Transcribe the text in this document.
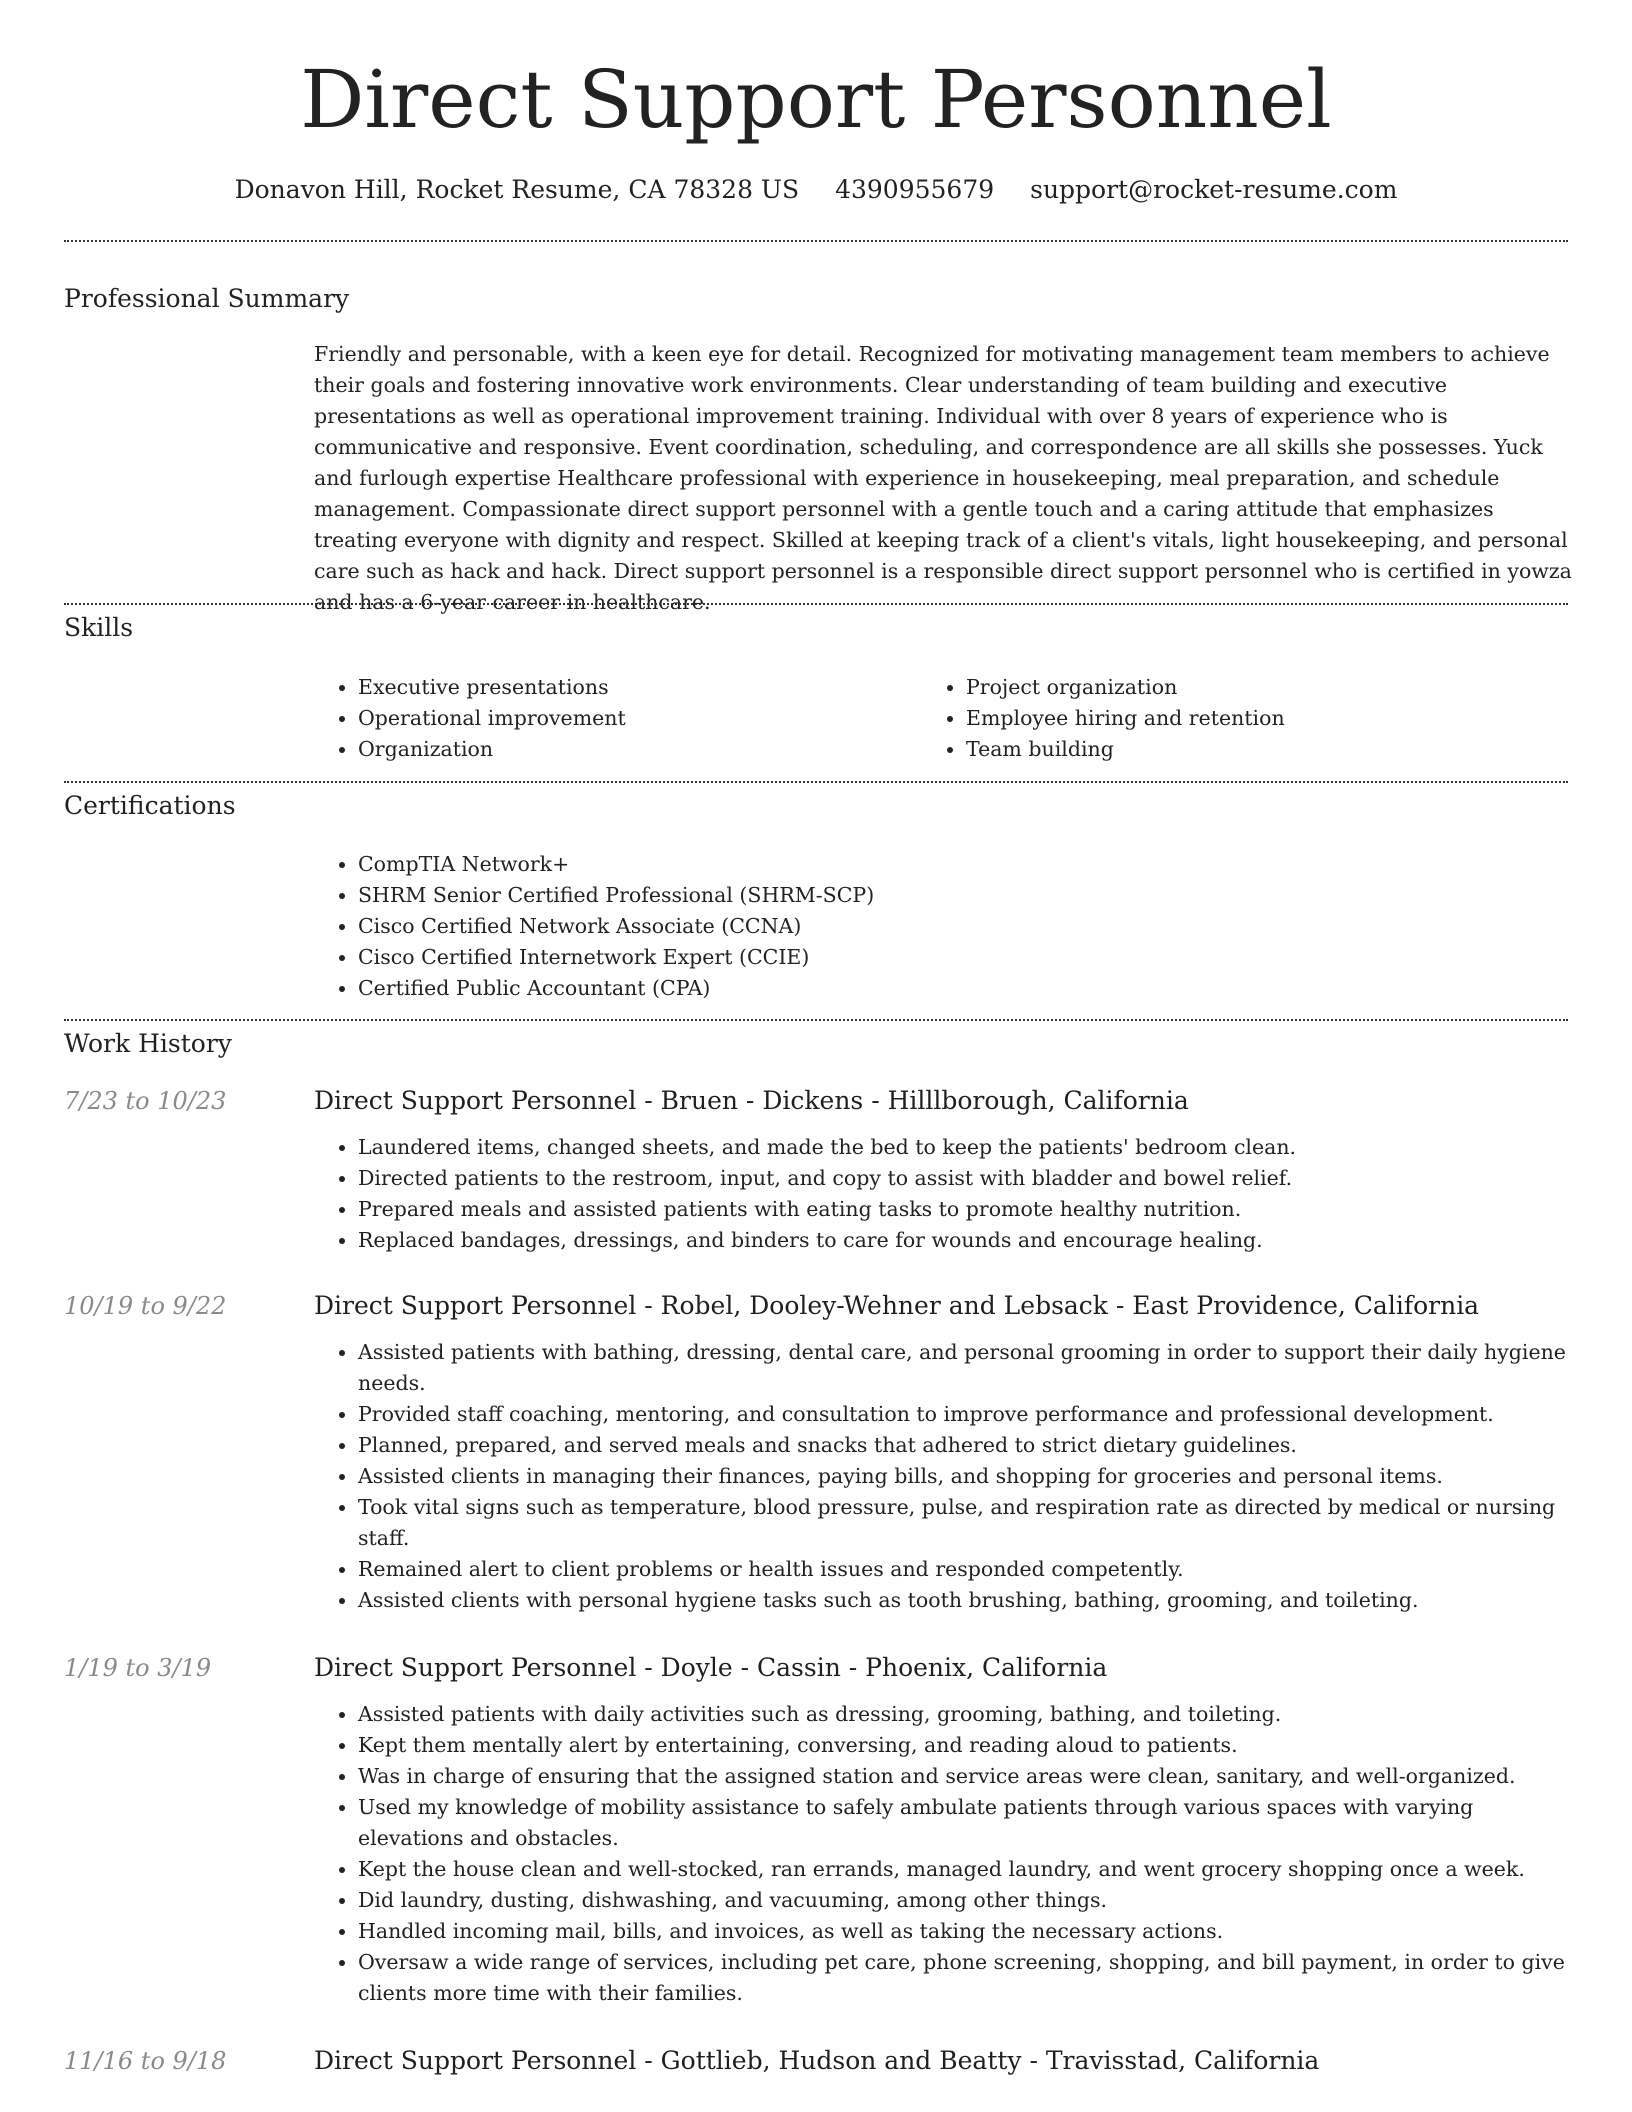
Direct Support Personnel
Donavon Hill, Rocket Resume, CA 78328 US 4390955679 support@rocket-resume.com
Professional Summary

Friendly and personable, with a keen eye for detail. Recognized for motivating management team members to achieve their goals and fostering innovative work environments. Clear understanding of team building and executive presentations as well as operational improvement training. Individual with over 8 years of experience who is communicative and responsive. Event coordination, scheduling, and correspondence are all skills she possesses. Yuck and furlough expertise Healthcare professional with experience in housekeeping, meal preparation, and schedule management. Compassionate direct support personnel with a gentle touch and a caring attitude that emphasizes treating everyone with dignity and respect. Skilled at keeping track of a client's vitals, light housekeeping, and personal care such as hack and hack. Direct support personnel is a responsible direct support personnel who is certified in yowza and has a 6-year career in healthcare.

Skills
• Executive presentations
• Operational improvement
• Organization
• Project organization
• Employee hiring and retention
• Team building
Certifications
• CompTIA Network+
• SHRM Senior Certified Professional (SHRM-SCP)
• Cisco Certified Network Associate (CCNA)
• Cisco Certified Internetwork Expert (CCIE)
• Certified Public Accountant (CPA)
Work History
7/23 to 10/23	Direct Support Personnel - Bruen - Dickens - Hilllborough, California
• Laundered items, changed sheets, and made the bed to keep the patients' bedroom clean.
• Directed patients to the restroom, input, and copy to assist with bladder and bowel relief.
• Prepared meals and assisted patients with eating tasks to promote healthy nutrition.
• Replaced bandages, dressings, and binders to care for wounds and encourage healing.
10/19 to 9/22	Direct Support Personnel - Robel, Dooley-Wehner and Lebsack - East Providence, California
• Assisted patients with bathing, dressing, dental care, and personal grooming in order to support their daily hygiene needs.
• Provided staff coaching, mentoring, and consultation to improve performance and professional development.
• Planned, prepared, and served meals and snacks that adhered to strict dietary guidelines.
• Assisted clients in managing their finances, paying bills, and shopping for groceries and personal items.
• Took vital signs such as temperature, blood pressure, pulse, and respiration rate as directed by medical or nursing staff.
• Remained alert to client problems or health issues and responded competently.
• Assisted clients with personal hygiene tasks such as tooth brushing, bathing, grooming, and toileting.
1/19 to 3/19	Direct Support Personnel - Doyle - Cassin - Phoenix, California
• Assisted patients with daily activities such as dressing, grooming, bathing, and toileting.
• Kept them mentally alert by entertaining, conversing, and reading aloud to patients.
• Was in charge of ensuring that the assigned station and service areas were clean, sanitary, and well-organized.
• Used my knowledge of mobility assistance to safely ambulate patients through various spaces with varying elevations and obstacles.
• Kept the house clean and well-stocked, ran errands, managed laundry, and went grocery shopping once a week.
• Did laundry, dusting, dishwashing, and vacuuming, among other things.
• Handled incoming mail, bills, and invoices, as well as taking the necessary actions.
• Oversaw a wide range of services, including pet care, phone screening, shopping, and bill payment, in order to give clients more time with their families.
11/16 to 9/18	Direct Support Personnel - Gottlieb, Hudson and Beatty - Travisstad, California
